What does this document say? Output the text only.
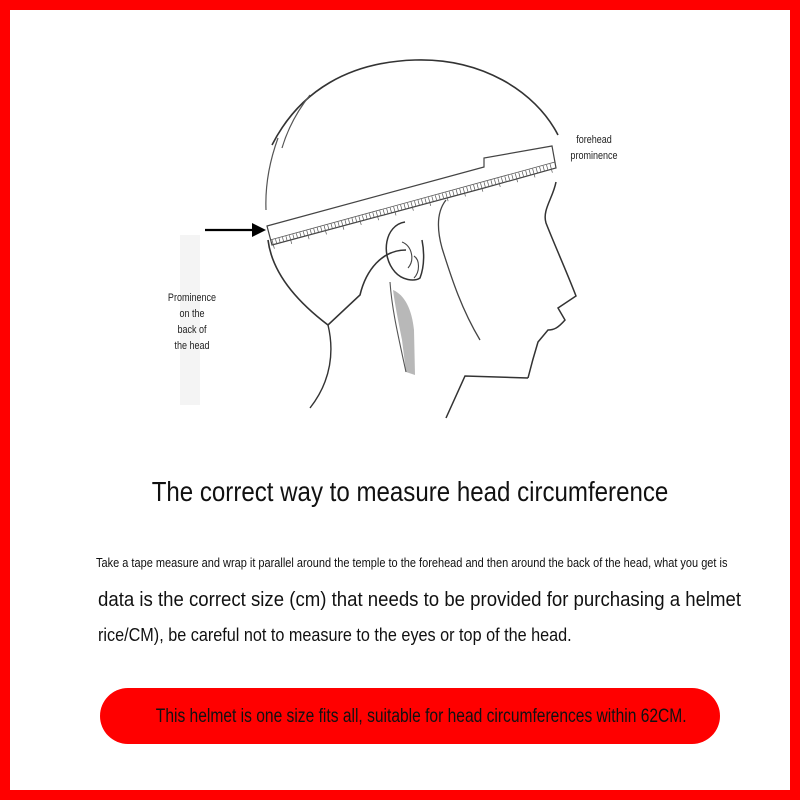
forehead
prominence
Prominence
on the
back of
the head
The correct way to measure head circumference
Take a tape measure and wrap it parallel around the temple to the forehead and then around the back of the head, what you get is
data is the correct size (cm) that needs to be provided for purchasing a helmet
rice/CM), be careful not to measure to the eyes or top of the head.
This helmet is one size fits all, suitable for head circumferences within 62CM.
